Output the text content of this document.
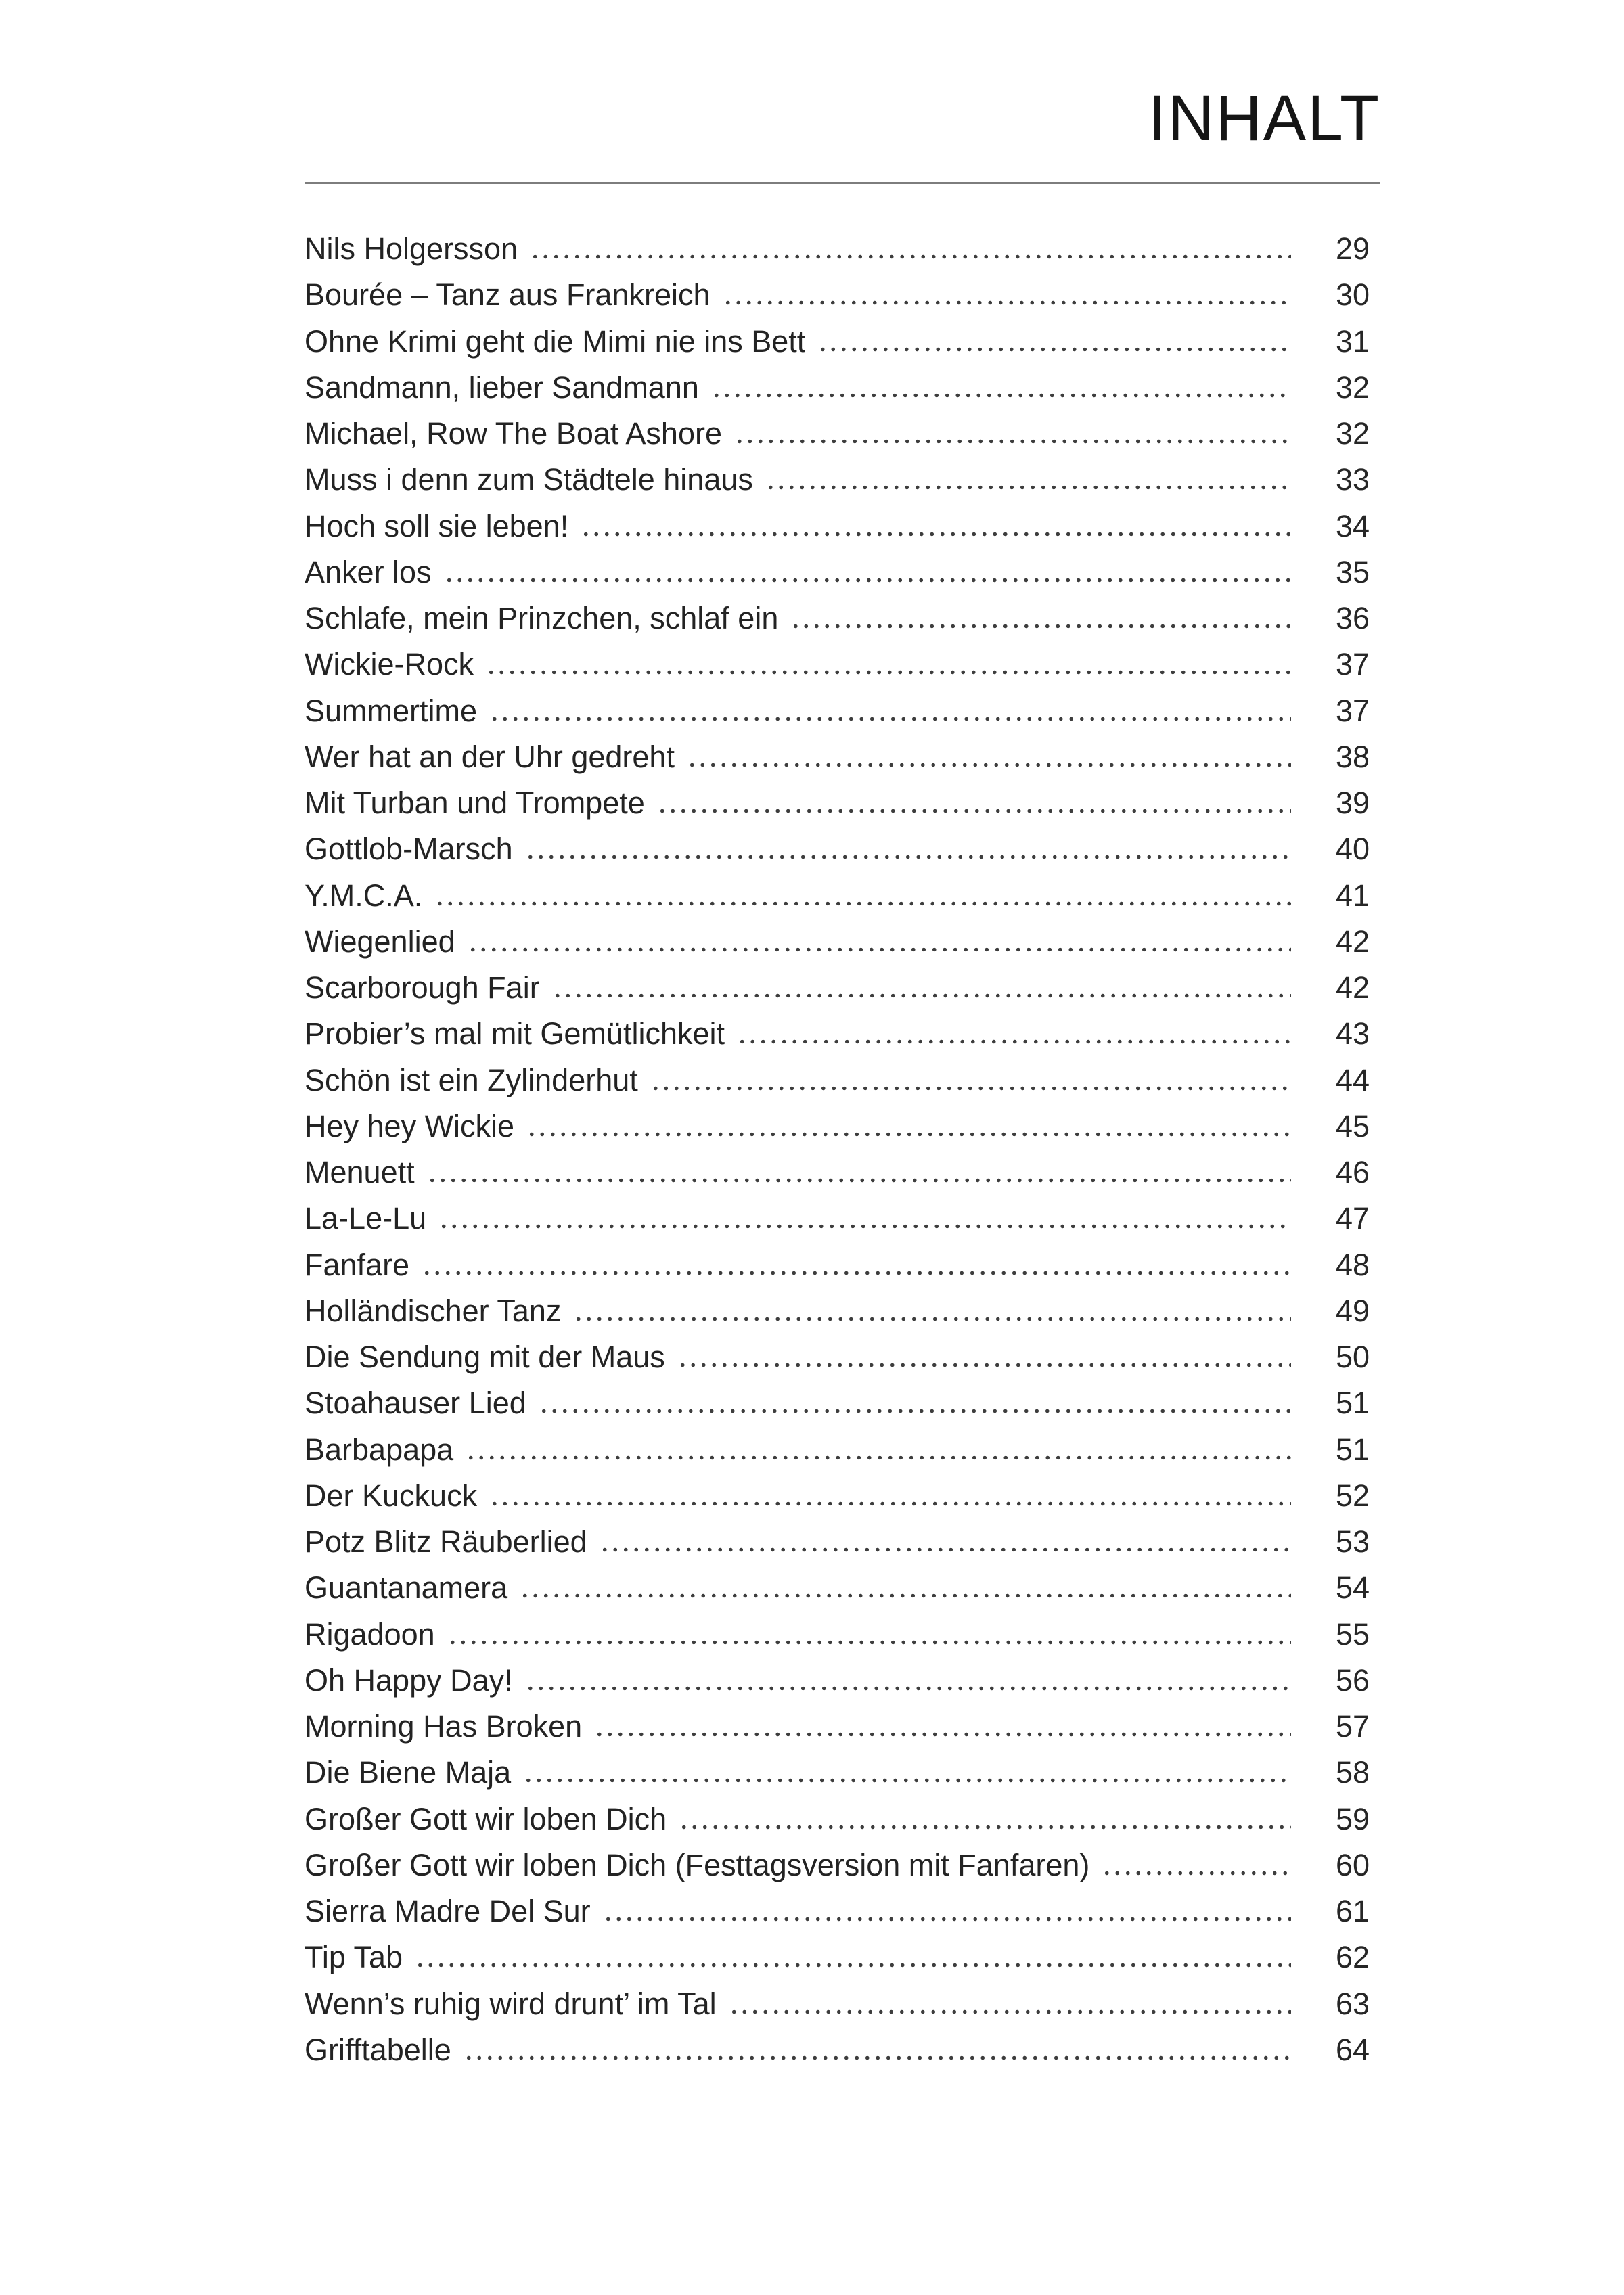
INHALT
Nils Holgersson	29
Bourée – Tanz aus Frankreich	30
Ohne Krimi geht die Mimi nie ins Bett	31
Sandmann, lieber Sandmann	32
Michael, Row The Boat Ashore	32
Muss i denn zum Städtele hinaus	33
Hoch soll sie leben!	34
Anker los	35
Schlafe, mein Prinzchen, schlaf ein	36
Wickie-Rock	37
Summertime	37
Wer hat an der Uhr gedreht	38
Mit Turban und Trompete	39
Gottlob-Marsch	40
Y.M.C.A.	41
Wiegenlied	42
Scarborough Fair	42
Probier’s mal mit Gemütlichkeit	43
Schön ist ein Zylinderhut	44
Hey hey Wickie	45
Menuett	46
La-Le-Lu	47
Fanfare	48
Holländischer Tanz	49
Die Sendung mit der Maus	50
Stoahauser Lied	51
Barbapapa	51
Der Kuckuck	52
Potz Blitz Räuberlied	53
Guantanamera	54
Rigadoon	55
Oh Happy Day!	56
Morning Has Broken	57
Die Biene Maja	58
Großer Gott wir loben Dich	59
Großer Gott wir loben Dich (Festtagsversion mit Fanfaren)	60
Sierra Madre Del Sur	61
Tip Tab	62
Wenn’s ruhig wird drunt’ im Tal	63
Grifftabelle	64
